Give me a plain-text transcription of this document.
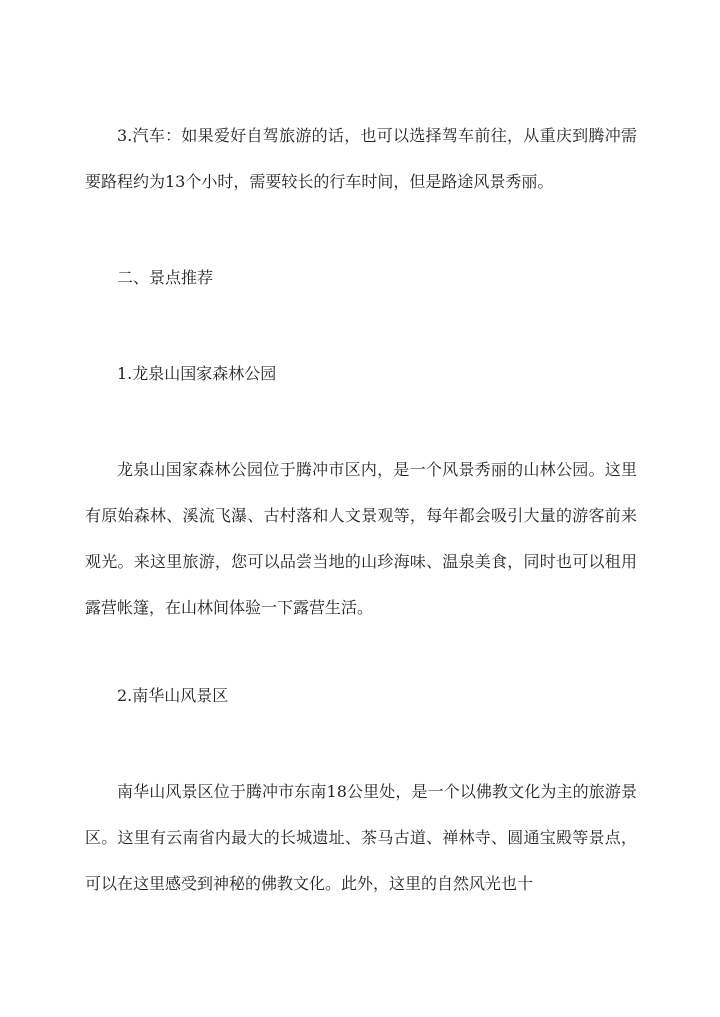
3.汽车：如果爱好自驾旅游的话，也可以选择驾车前往，从重庆到腾冲需要路程约为13个小时，需要较长的行车时间，但是路途风景秀丽。

二、景点推荐

1.龙泉山国家森林公园

龙泉山国家森林公园位于腾冲市区内，是一个风景秀丽的山林公园。这里有原始森林、溪流飞瀑、古村落和人文景观等，每年都会吸引大量的游客前来观光。来这里旅游，您可以品尝当地的山珍海味、温泉美食，同时也可以租用露营帐篷，在山林间体验一下露营生活。

2.南华山风景区

南华山风景区位于腾冲市东南18公里处，是一个以佛教文化为主的旅游景区。这里有云南省内最大的长城遗址、茶马古道、禅林寺、圆通宝殿等景点，可以在这里感受到神秘的佛教文化。此外，这里的自然风光也十
